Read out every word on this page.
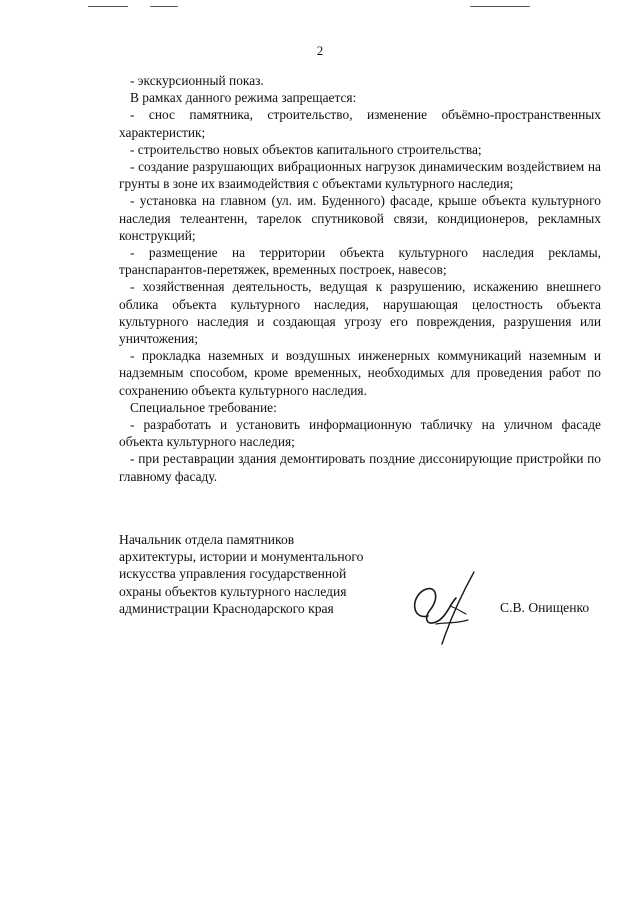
2

- экскурсионный показ.

В рамках данного режима запрещается:

- снос памятника, строительство, изменение объёмно-пространственных характеристик;

- строительство новых объектов капитального строительства;

- создание разрушающих вибрационных нагрузок динамическим воздействием на грунты в зоне их взаимодействия с объектами культурного наследия;

- установка на главном (ул. им. Буденного) фасаде, крыше объекта культурного наследия телеантенн, тарелок спутниковой связи, кондиционеров, рекламных конструкций;

- размещение на территории объекта культурного наследия рекламы, транспарантов-перетяжек, временных построек, навесов;

- хозяйственная деятельность, ведущая к разрушению, искажению внешнего облика объекта культурного наследия, нарушающая целостность объекта культурного наследия и создающая угрозу его повреждения, разрушения или уничтожения;

- прокладка наземных и воздушных инженерных коммуникаций наземным и надземным способом, кроме временных, необходимых для проведения работ по сохранению объекта культурного наследия.

Специальное требование:

- разработать и установить информационную табличку на уличном фасаде объекта культурного наследия;

- при реставрации здания демонтировать поздние диссонирующие пристройки по главному фасаду.

Начальник отдела памятников
архитектуры, истории и монументального
искусства управления государственной
охраны объектов культурного наследия
администрации Краснодарского края	С.В. Онищенко
